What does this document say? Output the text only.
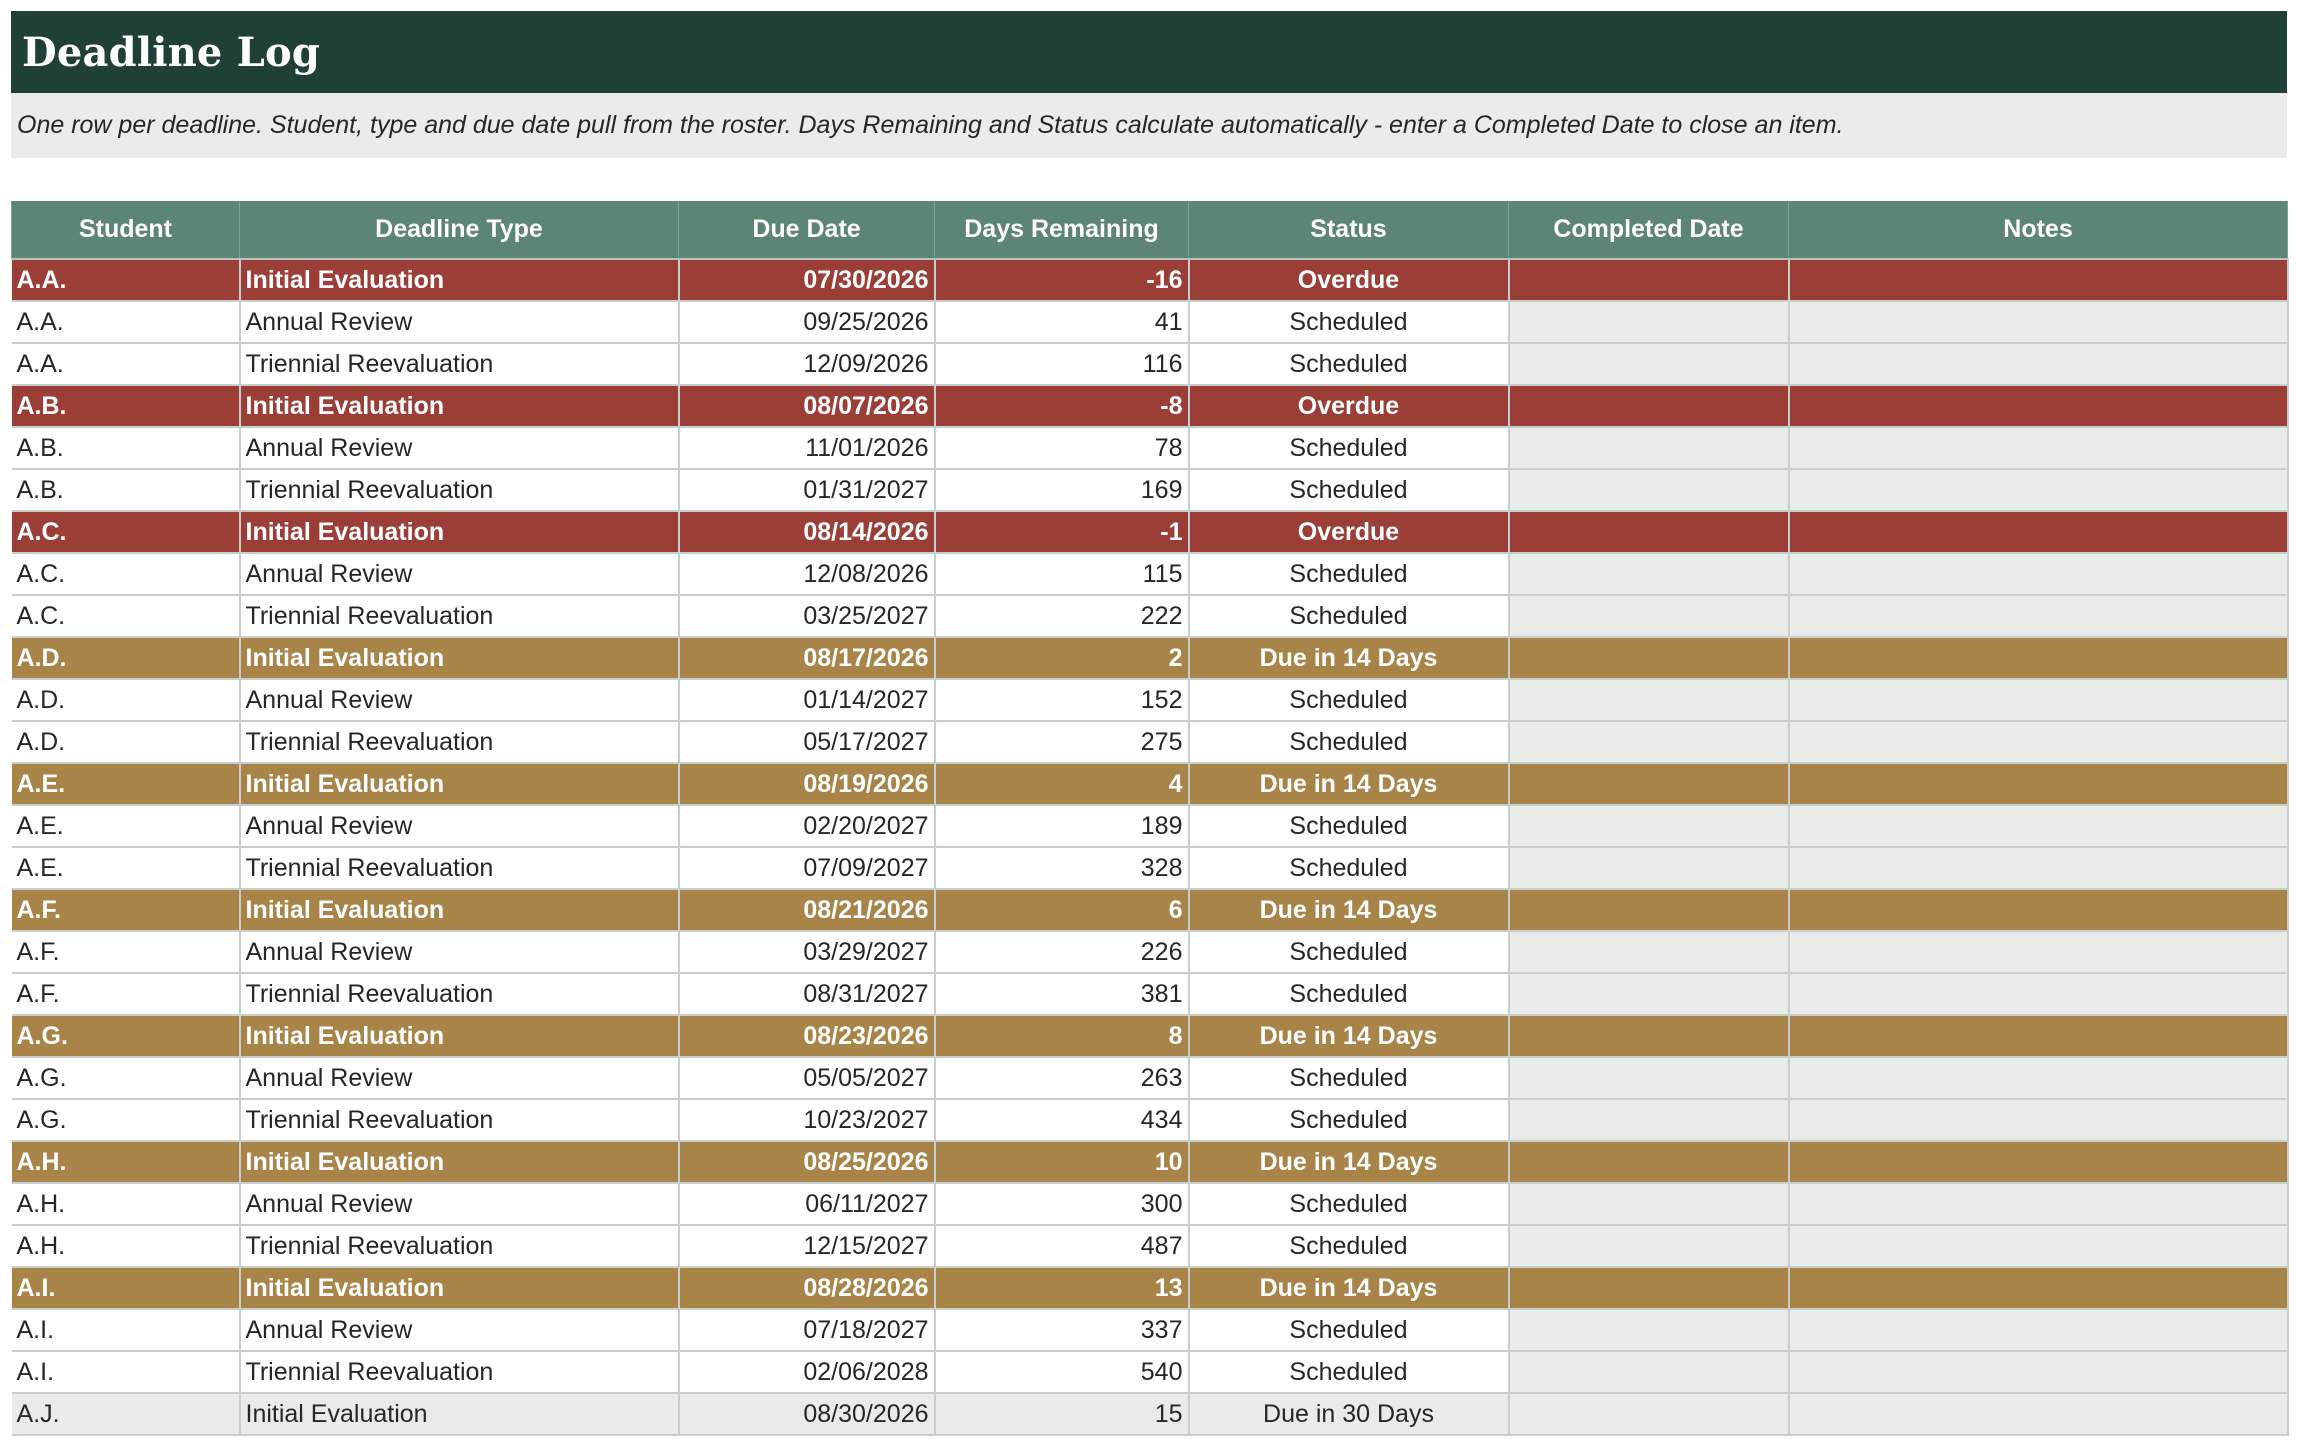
Deadline Log
One row per deadline. Student, type and due date pull from the roster. Days Remaining and Status calculate automatically - enter a Completed Date to close an item.
Student	Deadline Type	Due Date	Days Remaining	Status	Completed Date	Notes
A.A.	Initial Evaluation	07/30/2026	-16	Overdue		
A.A.	Annual Review	09/25/2026	41	Scheduled		
A.A.	Triennial Reevaluation	12/09/2026	116	Scheduled		
A.B.	Initial Evaluation	08/07/2026	-8	Overdue		
A.B.	Annual Review	11/01/2026	78	Scheduled		
A.B.	Triennial Reevaluation	01/31/2027	169	Scheduled		
A.C.	Initial Evaluation	08/14/2026	-1	Overdue		
A.C.	Annual Review	12/08/2026	115	Scheduled		
A.C.	Triennial Reevaluation	03/25/2027	222	Scheduled		
A.D.	Initial Evaluation	08/17/2026	2	Due in 14 Days		
A.D.	Annual Review	01/14/2027	152	Scheduled		
A.D.	Triennial Reevaluation	05/17/2027	275	Scheduled		
A.E.	Initial Evaluation	08/19/2026	4	Due in 14 Days		
A.E.	Annual Review	02/20/2027	189	Scheduled		
A.E.	Triennial Reevaluation	07/09/2027	328	Scheduled		
A.F.	Initial Evaluation	08/21/2026	6	Due in 14 Days		
A.F.	Annual Review	03/29/2027	226	Scheduled		
A.F.	Triennial Reevaluation	08/31/2027	381	Scheduled		
A.G.	Initial Evaluation	08/23/2026	8	Due in 14 Days		
A.G.	Annual Review	05/05/2027	263	Scheduled		
A.G.	Triennial Reevaluation	10/23/2027	434	Scheduled		
A.H.	Initial Evaluation	08/25/2026	10	Due in 14 Days		
A.H.	Annual Review	06/11/2027	300	Scheduled		
A.H.	Triennial Reevaluation	12/15/2027	487	Scheduled		
A.I.	Initial Evaluation	08/28/2026	13	Due in 14 Days		
A.I.	Annual Review	07/18/2027	337	Scheduled		
A.I.	Triennial Reevaluation	02/06/2028	540	Scheduled		
A.J.	Initial Evaluation	08/30/2026	15	Due in 30 Days		
